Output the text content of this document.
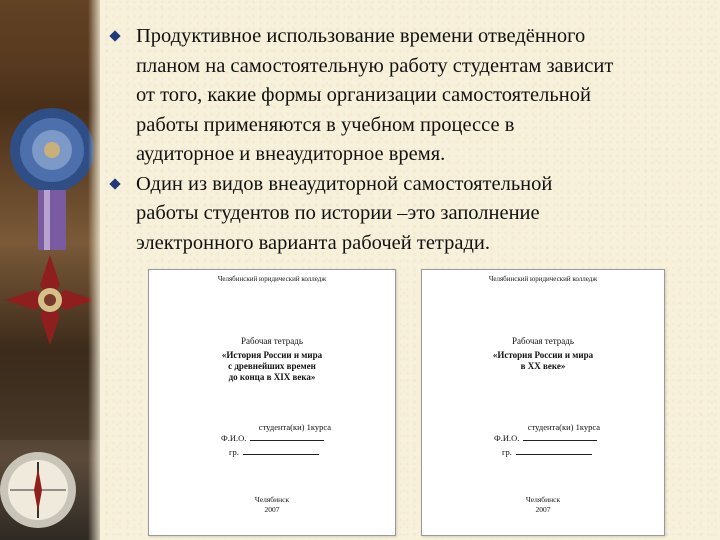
Продуктивное использование времени отведённого
планом на самостоятельную работу студентам зависит
от того, какие формы организации самостоятельной
работы применяются в учебном процессе в
аудиторное и внеаудиторное время.
Один из видов внеаудиторной самостоятельной
работы студентов по истории –это заполнение
электронного варианта рабочей тетради.
Челябинский юридический колледж
Рабочая тетрадь
«История России и мира
с древнейших времен
до конца в XIX века»
студента(ки) 1курса
Ф.И.О.
гр.
Челябинск
2007
Челябинский юридический колледж
Рабочая тетрадь
«История России и мира
в XX веке»
студента(ки) 1курса
Ф.И.О.
гр.
Челябинск
2007
